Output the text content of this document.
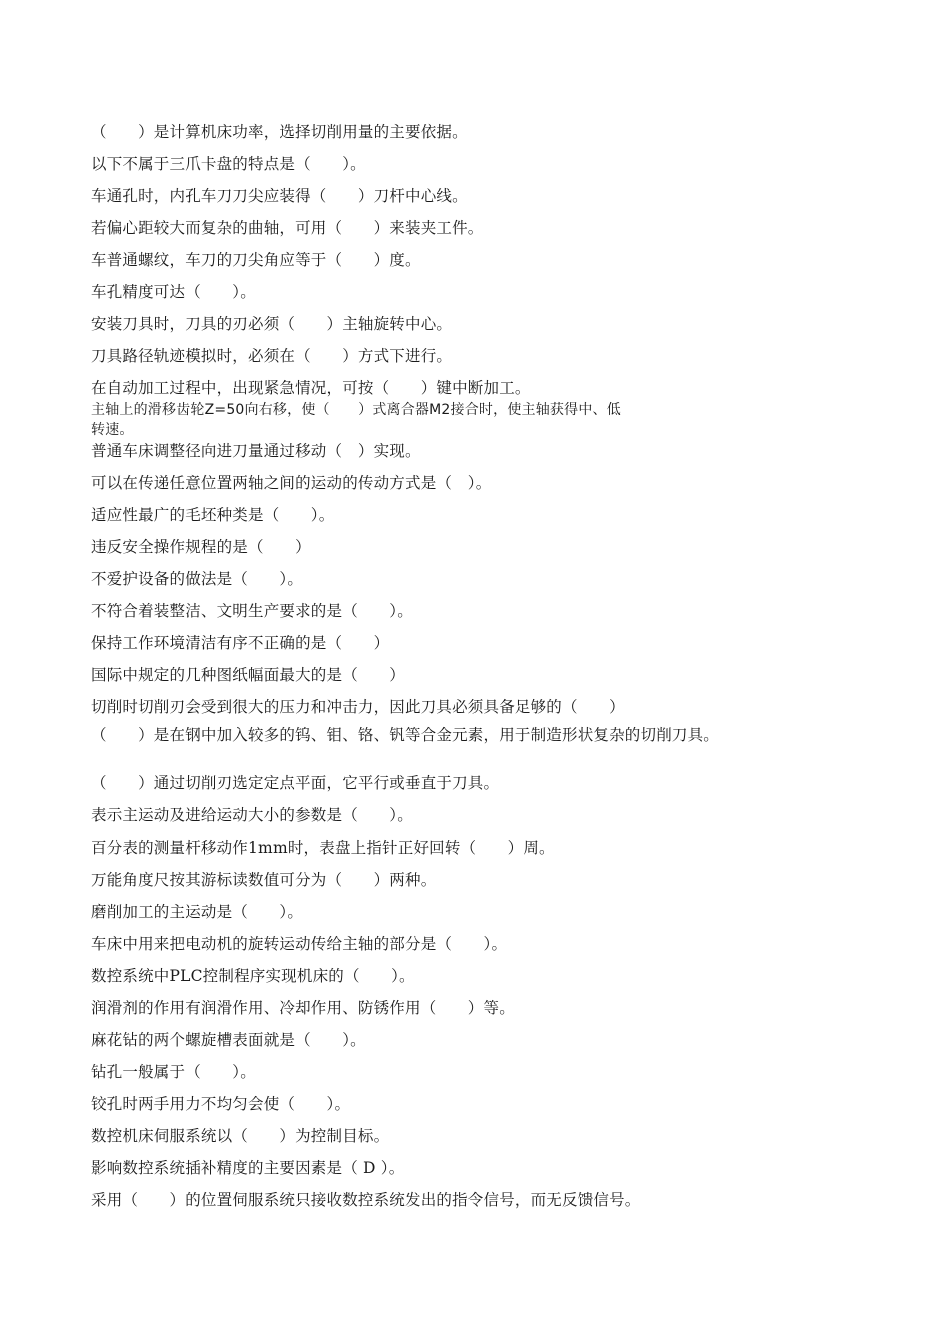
（　　）是计算机床功率，选择切削用量的主要依据。
以下不属于三爪卡盘的特点是（　　）。
车通孔时，内孔车刀刀尖应装得（　　）刀杆中心线。
若偏心距较大而复杂的曲轴，可用（　　）来装夹工件。
车普通螺纹，车刀的刀尖角应等于（　　）度。
车孔精度可达（　　）。
安装刀具时，刀具的刃必须（　　）主轴旋转中心。
刀具路径轨迹模拟时，必须在（　　）方式下进行。
在自动加工过程中，出现紧急情况，可按（　　）键中断加工。
主轴上的滑移齿轮Z=50向右移，使（　　）式离合器M2接合时，使主轴获得中、低
转速。
普通车床调整径向进刀量通过移动（　）实现。
可以在传递任意位置两轴之间的运动的传动方式是（　）。
适应性最广的毛坯种类是（　　）。
违反安全操作规程的是（　　）
不爱护设备的做法是（　　）。
不符合着装整洁、文明生产要求的是（　　）。
保持工作环境清洁有序不正确的是（　　）
国际中规定的几种图纸幅面最大的是（　　）
切削时切削刃会受到很大的压力和冲击力，因此刀具必须具备足够的（　　）
（　　）是在钢中加入较多的钨、钼、铬、钒等合金元素，用于制造形状复杂的切削刀具。
（　　）通过切削刃选定定点平面，它平行或垂直于刀具。
表示主运动及进给运动大小的参数是（　　）。
百分表的测量杆移动作1mm时，表盘上指针正好回转（　　）周。
万能角度尺按其游标读数值可分为（　　）两种。
磨削加工的主运动是（　　）。
车床中用来把电动机的旋转运动传给主轴的部分是（　　）。
数控系统中PLC控制程序实现机床的（　　）。
润滑剂的作用有润滑作用、冷却作用、防锈作用（　　）等。
麻花钻的两个螺旋槽表面就是（　　）。
钻孔一般属于（　　）。
铰孔时两手用力不均匀会使（　　）。
数控机床伺服系统以（　　）为控制目标。
影响数控系统插补精度的主要因素是（ D ）。
采用（　　）的位置伺服系统只接收数控系统发出的指令信号，而无反馈信号。
